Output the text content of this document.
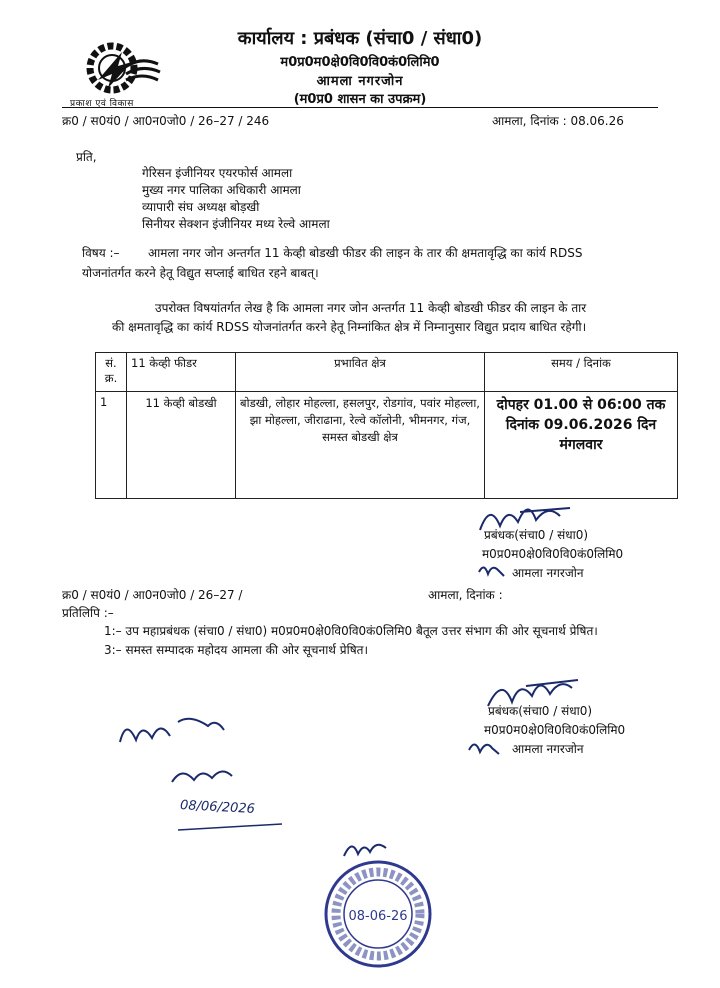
प्रकाश एवं विकास
कार्यालय : प्रबंधक (संचा0 / संधा0)
म0प्र0म0क्षे0वि0वि0कं0लिमि0
आमला नगरजोन
(म0प्र0 शासन का उपक्रम)
क्र0 / स0यं0 / आ0न0जो0 / 26–27 / 246	आमला, दिनांक : 08.06.26
प्रति,
गेरिसन इंजीनियर एयरफोर्स आमला
मुख्य नगर पालिका अधिकारी आमला
व्यापारी संघ अध्यक्ष बोड़खी
सिनीयर सेक्शन इंजीनियर मध्य रेल्वे आमला
विषय :– आमला नगर जोन अन्तर्गत 11 केव्ही बोडखी फीडर की लाइन के तार की क्षमतावृद्धि का कांर्य RDSS
योजनांतर्गत करने हेतू विद्युत सप्लाई बाधित रहने बाबत्।
उपरोक्त विषयांतर्गत लेख है कि आमला नगर जोन अन्तर्गत 11 केव्ही बोडखी फीडर की लाइन के तार
की क्षमतावृद्धि का कांर्य RDSS योजनांतर्गत करने हेतू निम्नांकित क्षेत्र में निम्नानुसार विद्युत प्रदाय बाधित रहेगी।
सं. क्र.	11 केव्ही फीडर	प्रभावित क्षेत्र	समय / दिनांक
1	11 केव्ही बोडखी	बोडखी, लोहार मोहल्ला, हसलपुर, रोडगांव, पवांर मोहल्ला, झा मोहल्ला, जीराढाना, रेल्वे कॉलोनी, भीमनगर, गंज, समस्त बोडखी क्षेत्र	दोपहर 01.00 से 06:00 तक दिनांक 09.06.2026 दिन मंगलवार
प्रबंधक(संचा0 / संधा0)
म0प्र0म0क्षे0वि0वि0कं0लिमि0
आमला नगरजोन
क्र0 / स0यं0 / आ0न0जो0 / 26–27 /	आमला, दिनांक :
प्रतिलिपि :–
1:– उप महाप्रबंधक (संचा0 / संधा0) म0प्र0म0क्षे0वि0वि0कं0लिमि0 बैतूल उत्तर संभाग की ओर सूचनार्थ प्रेषित।
3:– समस्त सम्पादक महोदय आमला की ओर सूचनार्थ प्रेषित।
प्रबंधक(संचा0 / संधा0)
म0प्र0म0क्षे0वि0वि0कं0लिमि0
आमला नगरजोन
08/06/2026
08-06-26
